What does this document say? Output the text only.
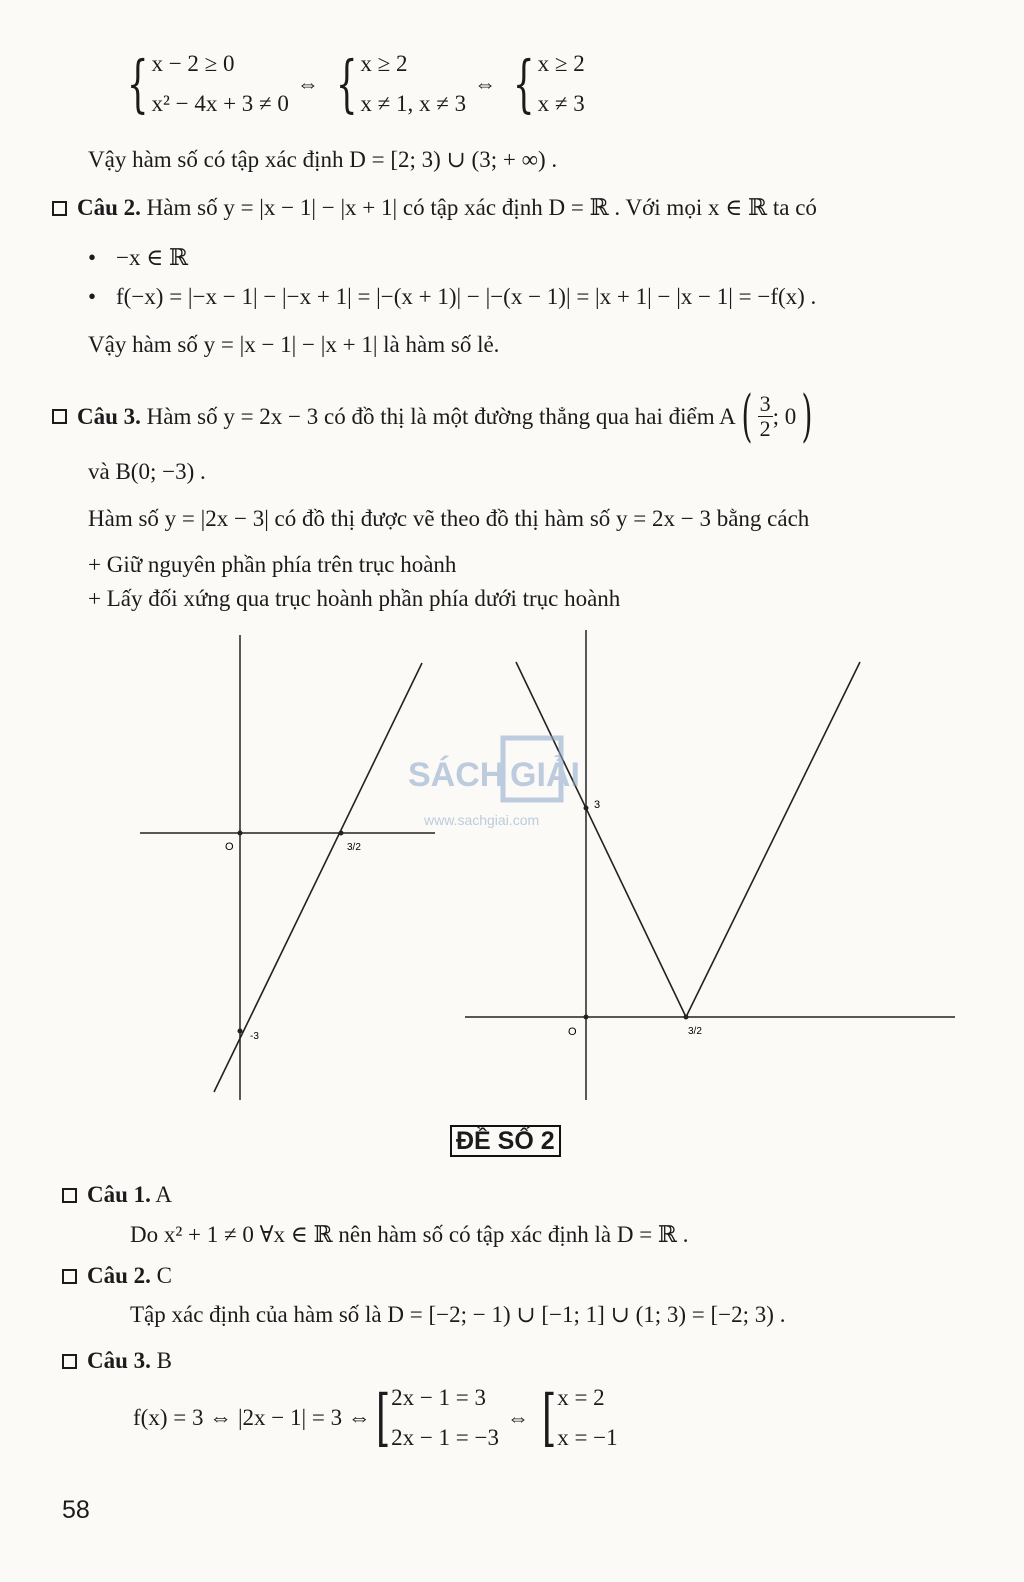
{ x − 2 ≥ 0
x² − 4x + 3 ≠ 0
⇔ { x ≥ 2
x ≠ 1, x ≠ 3
⇔ { x ≥ 2
x ≠ 3
Vậy hàm số có tập xác định D = [2; 3) ∪ (3; + ∞) .
Câu 2. Hàm số y = |x − 1| − |x + 1| có tập xác định D = ℝ . Với mọi x ∈ ℝ ta có
• −x ∈ ℝ
• f(−x) = |−x − 1| − |−x + 1| = |−(x + 1)| − |−(x − 1)| = |x + 1| − |x − 1| = −f(x) .
Vậy hàm số y = |x − 1| − |x + 1| là hàm số lẻ.
Câu 3.
Hàm số y = 2x − 3 có đồ thị là một đường thẳng qua hai điểm A ( $\frac{3}{2}$ ; 0 )
và B(0; −3) .
Hàm số y = |2x − 3| có đồ thị được vẽ theo đồ thị hàm số y = 2x − 3 bằng cách
+ Giữ nguyên phần phía trên trục hoành
+ Lấy đối xứng qua trục hoành phần phía dưới trục hoành
O	3/2
-3	O	3/2
3
SÁCH GIẢI
www.sachgiai.com
ĐỀ SỐ 2
Câu 1. A
Do x² + 1 ≠ 0 ∀x ∈ ℝ nên hàm số có tập xác định là D = ℝ .
Câu 2. C
Tập xác định của hàm số là D = [−2; − 1) ∪ [−1; 1] ∪ (1; 3) = [−2; 3) .
Câu 3. B
f(x) = 3 ⇔ |2x − 1| = 3 ⇔ [ 2x − 1 = 3
2x − 1 = −3
⇔ [ x = 2
x = −1
58
